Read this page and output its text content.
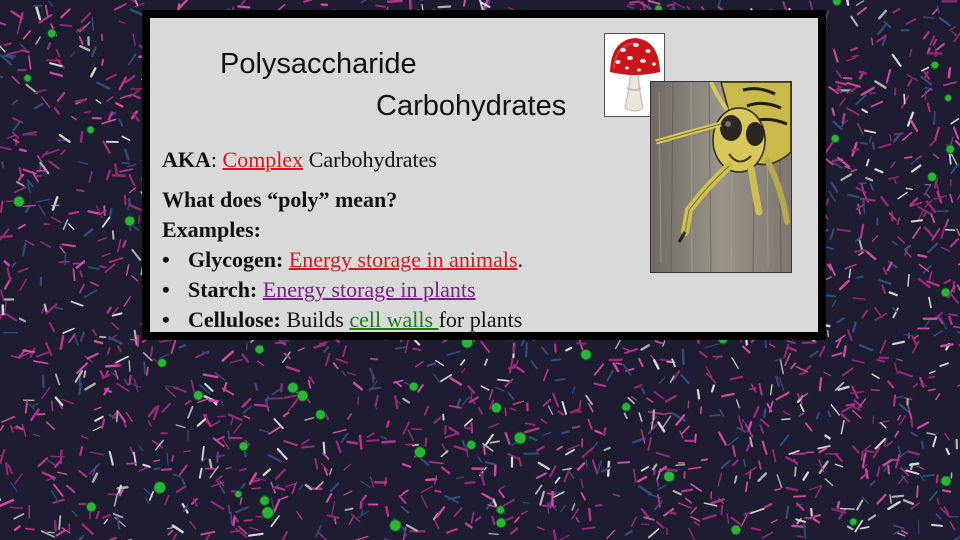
Polysaccharide
Carbohydrates
AKA: Complex Carbohydrates
What does “poly” mean?
Examples:
• Glycogen: Energy storage in animals.
• Starch: Energy storage in plants
• Cellulose: Builds cell walls for plants
